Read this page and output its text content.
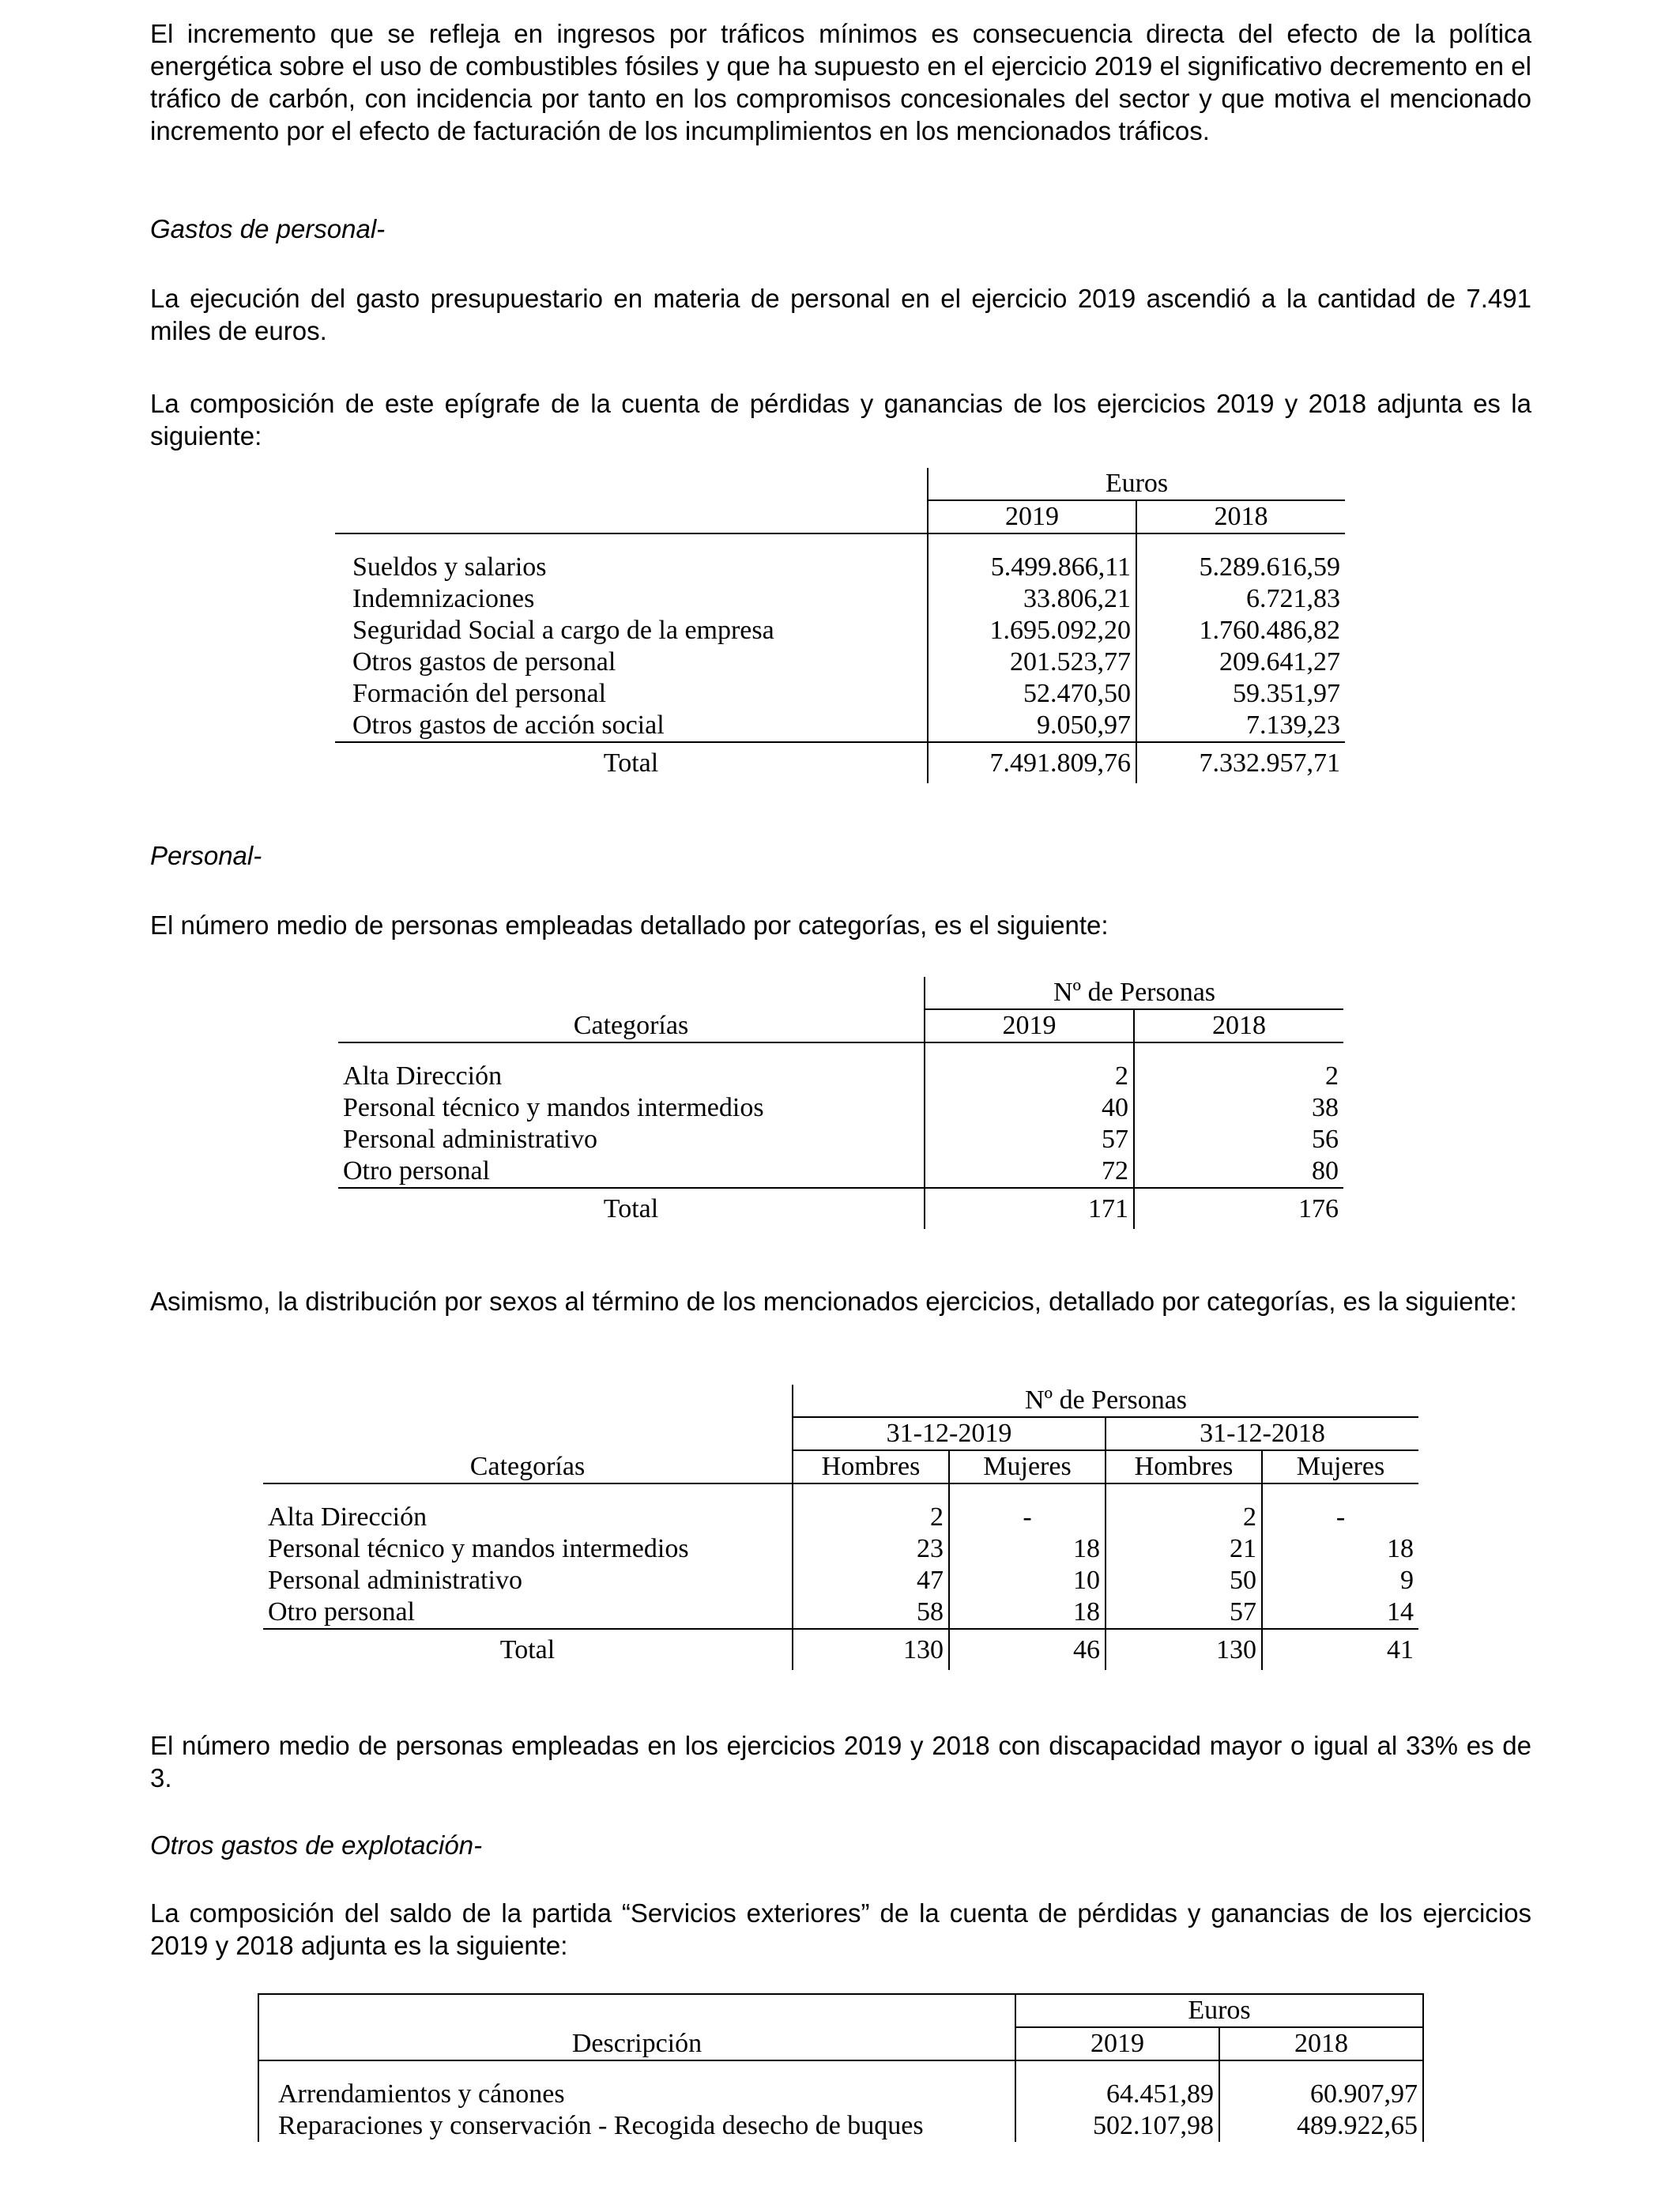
El incremento que se refleja en ingresos por tráficos mínimos es consecuencia directa del efecto de la política energética sobre el uso de combustibles fósiles y que ha supuesto en el ejercicio 2019 el significativo decremento en el tráfico de carbón, con incidencia por tanto en los compromisos concesionales del sector y que motiva el mencionado incremento por el efecto de facturación de los incumplimientos en los mencionados tráficos.

Gastos de personal-

La ejecución del gasto presupuestario en materia de personal en el ejercicio 2019 ascendió a la cantidad de 7.491 miles de euros.

La composición de este epígrafe de la cuenta de pérdidas y ganancias de los ejercicios 2019 y 2018 adjunta es la siguiente:

	Euros	
	2019	2018

Sueldos y salarios	5.499.866,11	5.289.616,59
Indemnizaciones	33.806,21	6.721,83
Seguridad Social a cargo de la empresa	1.695.092,20	1.760.486,82
Otros gastos de personal	201.523,77	209.641,27
Formación del personal	52.470,50	59.351,97
Otros gastos de acción social	9.050,97	7.139,23
Total	7.491.809,76	7.332.957,71

Personal-

El número medio de personas empleadas detallado por categorías, es el siguiente:

Categorías	Nº de Personas	
	2019	2018

Alta Dirección	2	2
Personal técnico y mandos intermedios	40	38
Personal administrativo	57	56
Otro personal	72	80
Total	171	176

Asimismo, la distribución por sexos al término de los mencionados ejercicios, detallado por categorías, es la siguiente:

Categorías	Nº de Personas			
	31-12-2019		31-12-2018	
	Hombres	Mujeres	Hombres	Mujeres

Alta Dirección	2	-	2	-
Personal técnico y mandos intermedios	23	18	21	18
Personal administrativo	47	10	50	9
Otro personal	58	18	57	14
Total	130	46	130	41

El número medio de personas empleadas en los ejercicios 2019 y 2018 con discapacidad mayor o igual al 33% es de 3.

Otros gastos de explotación-

La composición del saldo de la partida “Servicios exteriores” de la cuenta de pérdidas y ganancias de los ejercicios 2019 y 2018 adjunta es la siguiente:

Descripción	Euros	
	2019	2018

Arrendamientos y cánones	64.451,89	60.907,97
Reparaciones y conservación - Recogida desecho de buques	502.107,98	489.922,65
